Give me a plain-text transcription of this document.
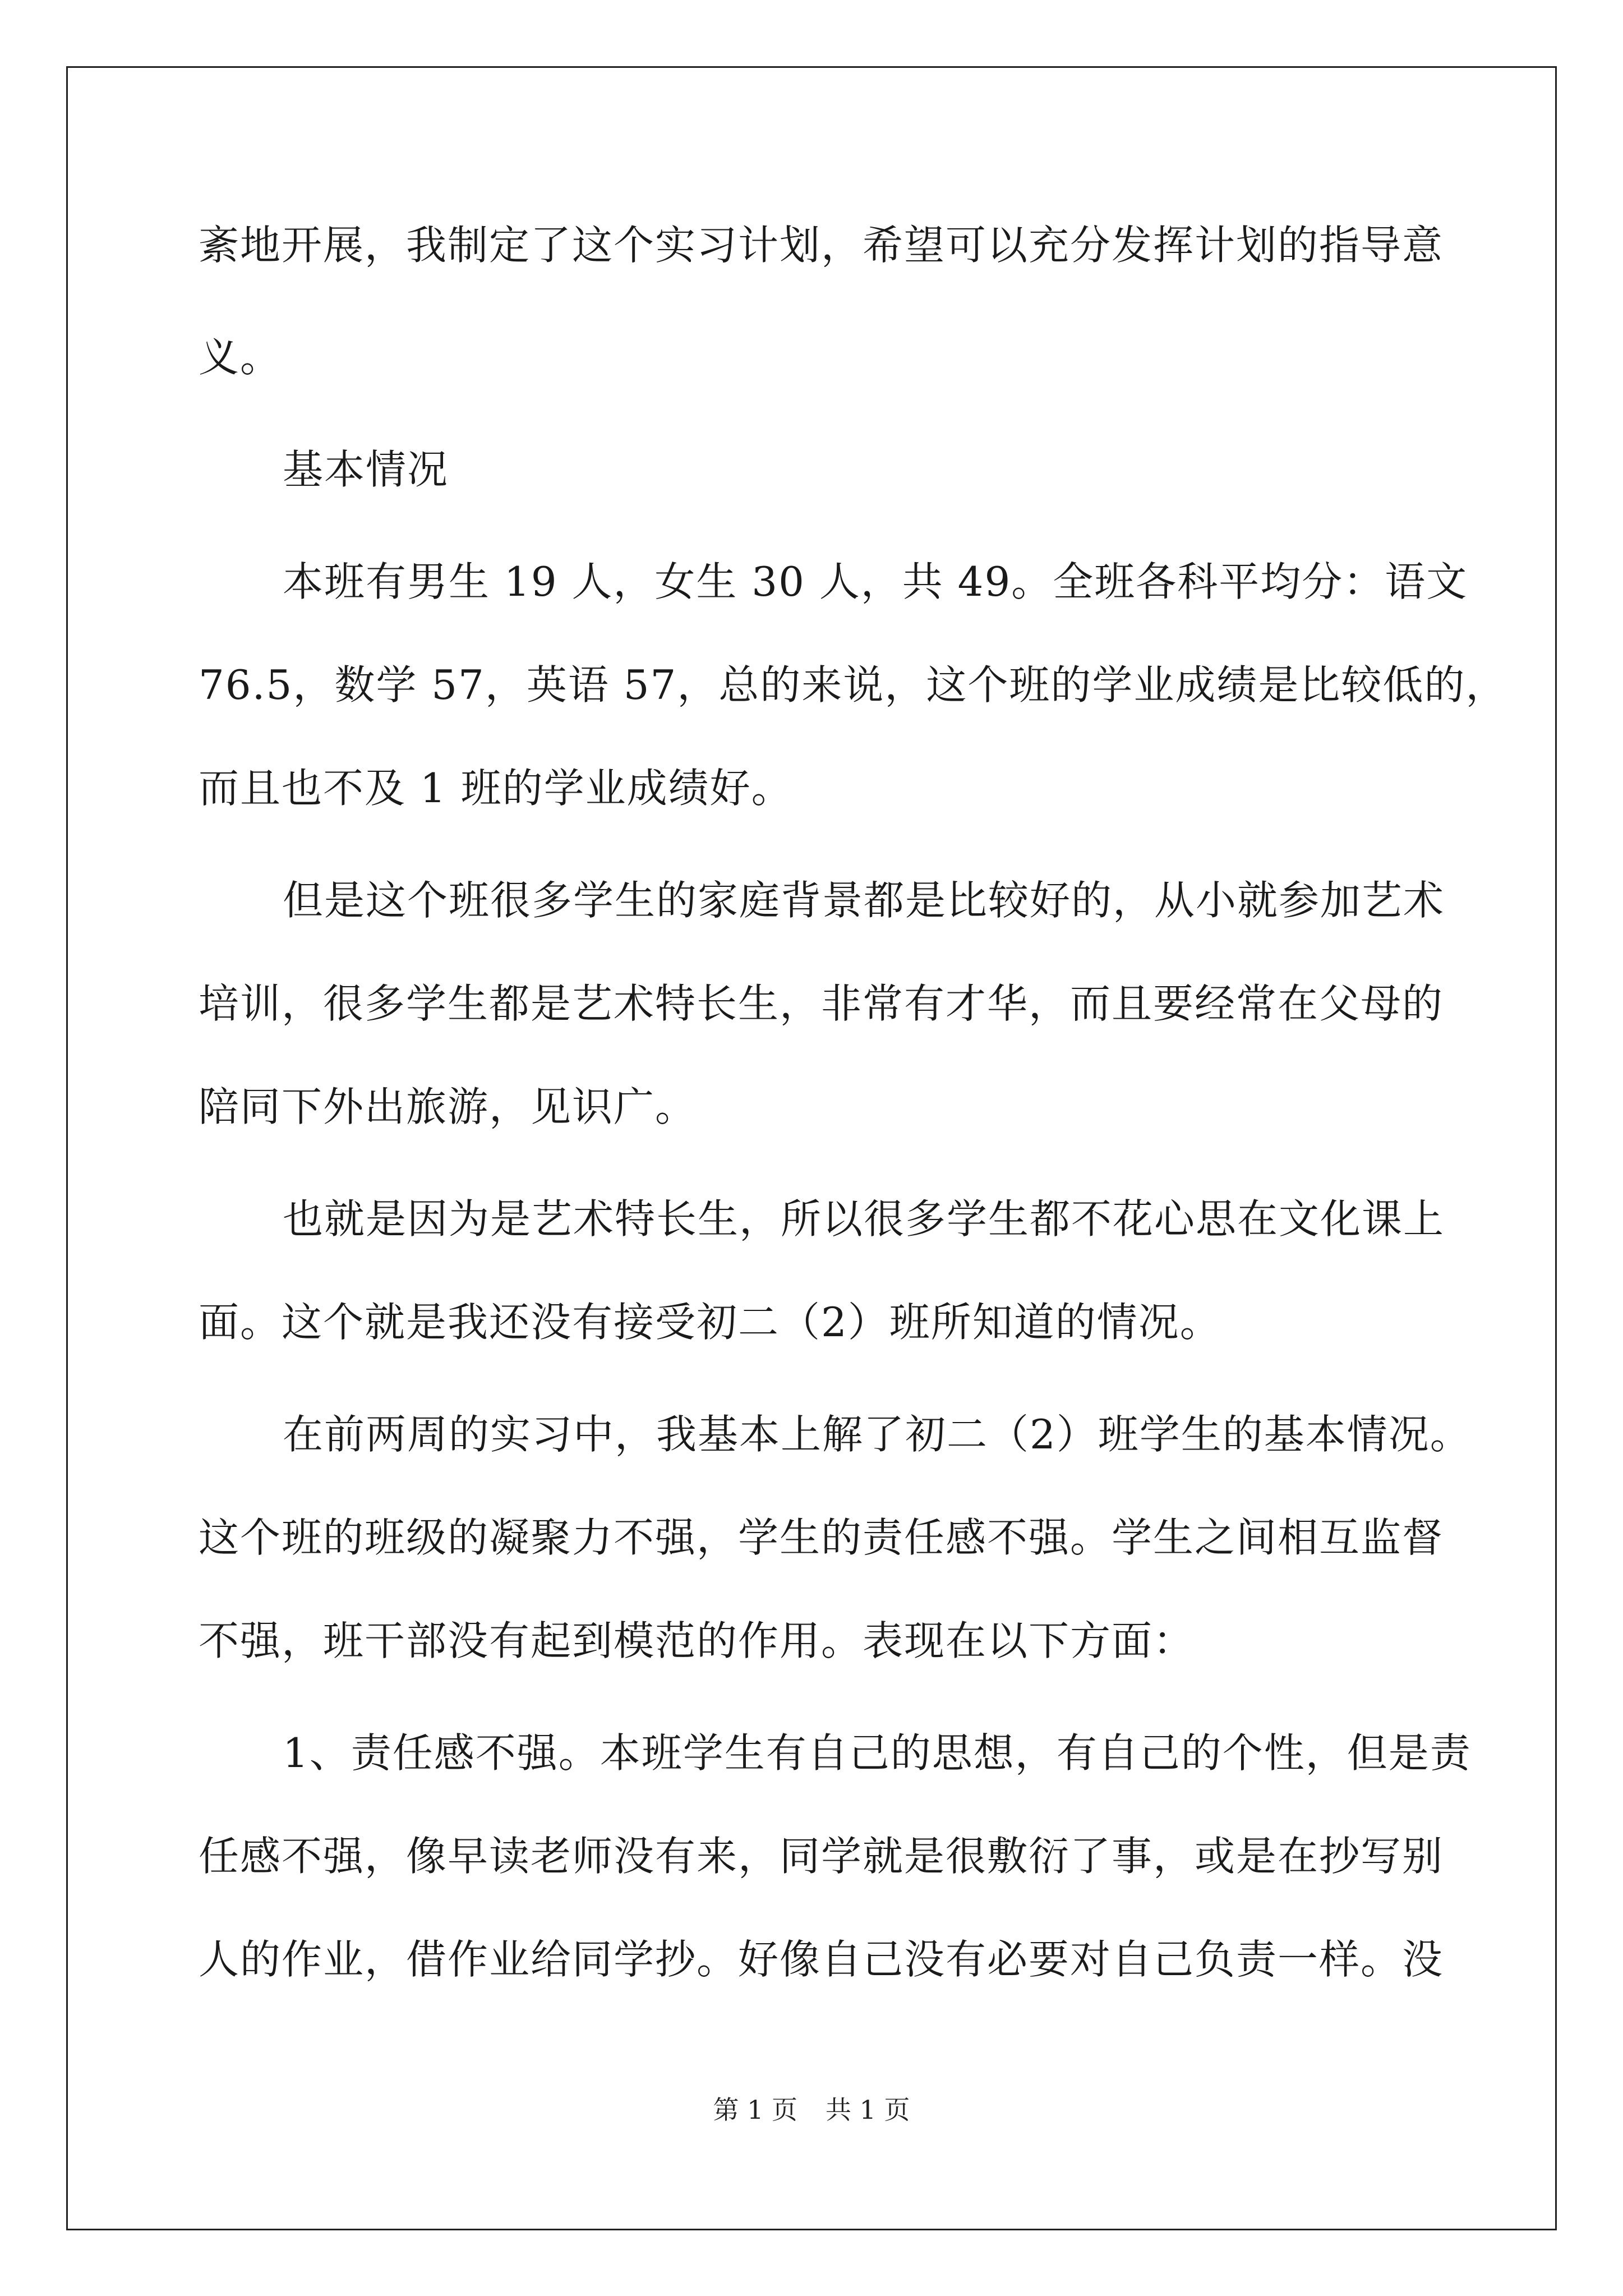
紊地开展，我制定了这个实习计划，希望可以充分发挥计划的指导意
义。
基本情况
本班有男生 19 人，女生 30 人，共 49。全班各科平均分：语文
76.5，数学 57，英语 57，总的来说，这个班的学业成绩是比较低的，
而且也不及 1 班的学业成绩好。
但是这个班很多学生的家庭背景都是比较好的，从小就参加艺术
培训，很多学生都是艺术特长生，非常有才华，而且要经常在父母的
陪同下外出旅游，见识广。
也就是因为是艺术特长生，所以很多学生都不花心思在文化课上
面。这个就是我还没有接受初二（2）班所知道的情况。
在前两周的实习中，我基本上解了初二（2）班学生的基本情况。
这个班的班级的凝聚力不强，学生的责任感不强。学生之间相互监督
不强，班干部没有起到模范的作用。表现在以下方面：
1、责任感不强。本班学生有自己的思想，有自己的个性，但是责
任感不强，像早读老师没有来，同学就是很敷衍了事，或是在抄写别
人的作业，借作业给同学抄。好像自己没有必要对自己负责一样。没
第 1 页 共 1 页
